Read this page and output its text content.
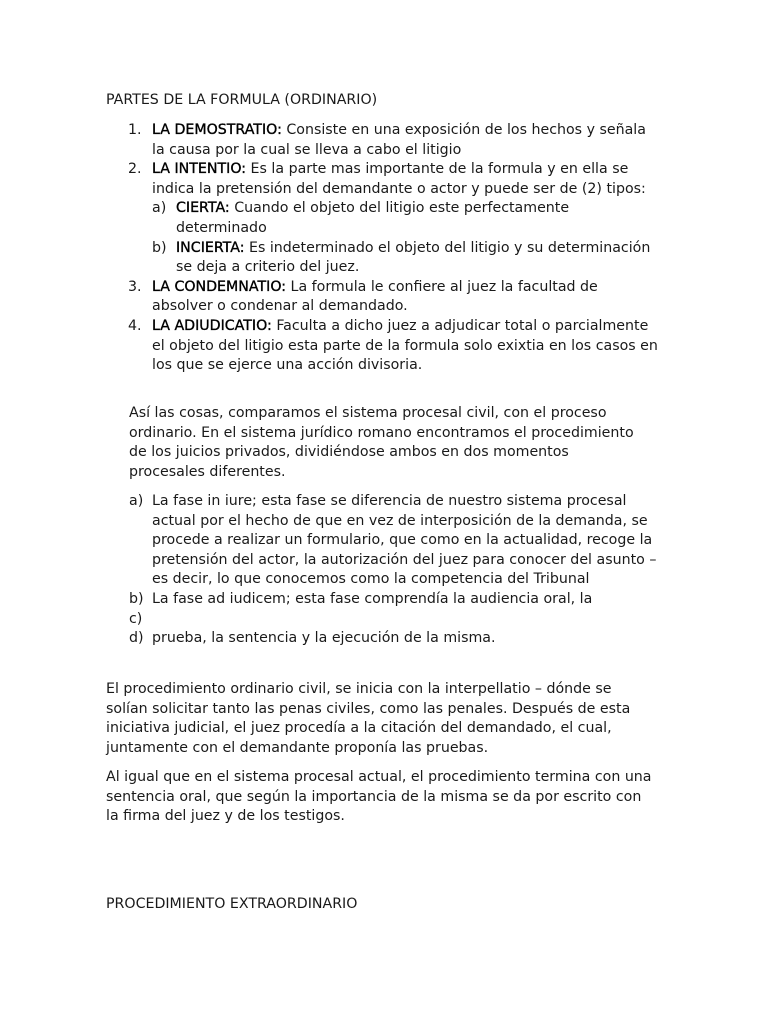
PARTES DE LA FORMULA (ORDINARIO)
1. LA DEMOSTRATIO: Consiste en una exposición de los hechos y señala la causa por la cual se lleva a cabo el litigio
2. LA INTENTIO: Es la parte mas importante de la formula y en ella se indica la pretensión del demandante o actor y puede ser de (2) tipos:
a) CIERTA: Cuando el objeto del litigio este perfectamente determinado
b) INCIERTA: Es indeterminado el objeto del litigio y su determinación se deja a criterio del juez.
3. LA CONDEMNATIO: La formula le confiere al juez la facultad de absolver o condenar al demandado.
4. LA ADIUDICATIO: Faculta a dicho juez a adjudicar total o parcialmente el objeto del litigio esta parte de la formula solo exixtia en los casos en los que se ejerce una acción divisoria.
Así las cosas, comparamos el sistema procesal civil, con el proceso ordinario. En el sistema jurídico romano encontramos el procedimiento de los juicios privados, dividiéndose ambos en dos momentos procesales diferentes.
a) La fase in iure; esta fase se diferencia de nuestro sistema procesal actual por el hecho de que en vez de interposición de la demanda, se procede a realizar un formulario, que como en la actualidad, recoge la pretensión del actor, la autorización del juez para conocer del asunto – es decir, lo que conocemos como la competencia del Tribunal
b) La fase ad iudicem; esta fase comprendía la audiencia oral, la
c)
d) prueba, la sentencia y la ejecución de la misma.
El procedimiento ordinario civil, se inicia con la interpellatio – dónde se solían solicitar tanto las penas civiles, como las penales. Después de esta iniciativa judicial, el juez procedía a la citación del demandado, el cual, juntamente con el demandante proponía las pruebas.
Al igual que en el sistema procesal actual, el procedimiento termina con una sentencia oral, que según la importancia de la misma se da por escrito con la firma del juez y de los testigos.
PROCEDIMIENTO EXTRAORDINARIO
